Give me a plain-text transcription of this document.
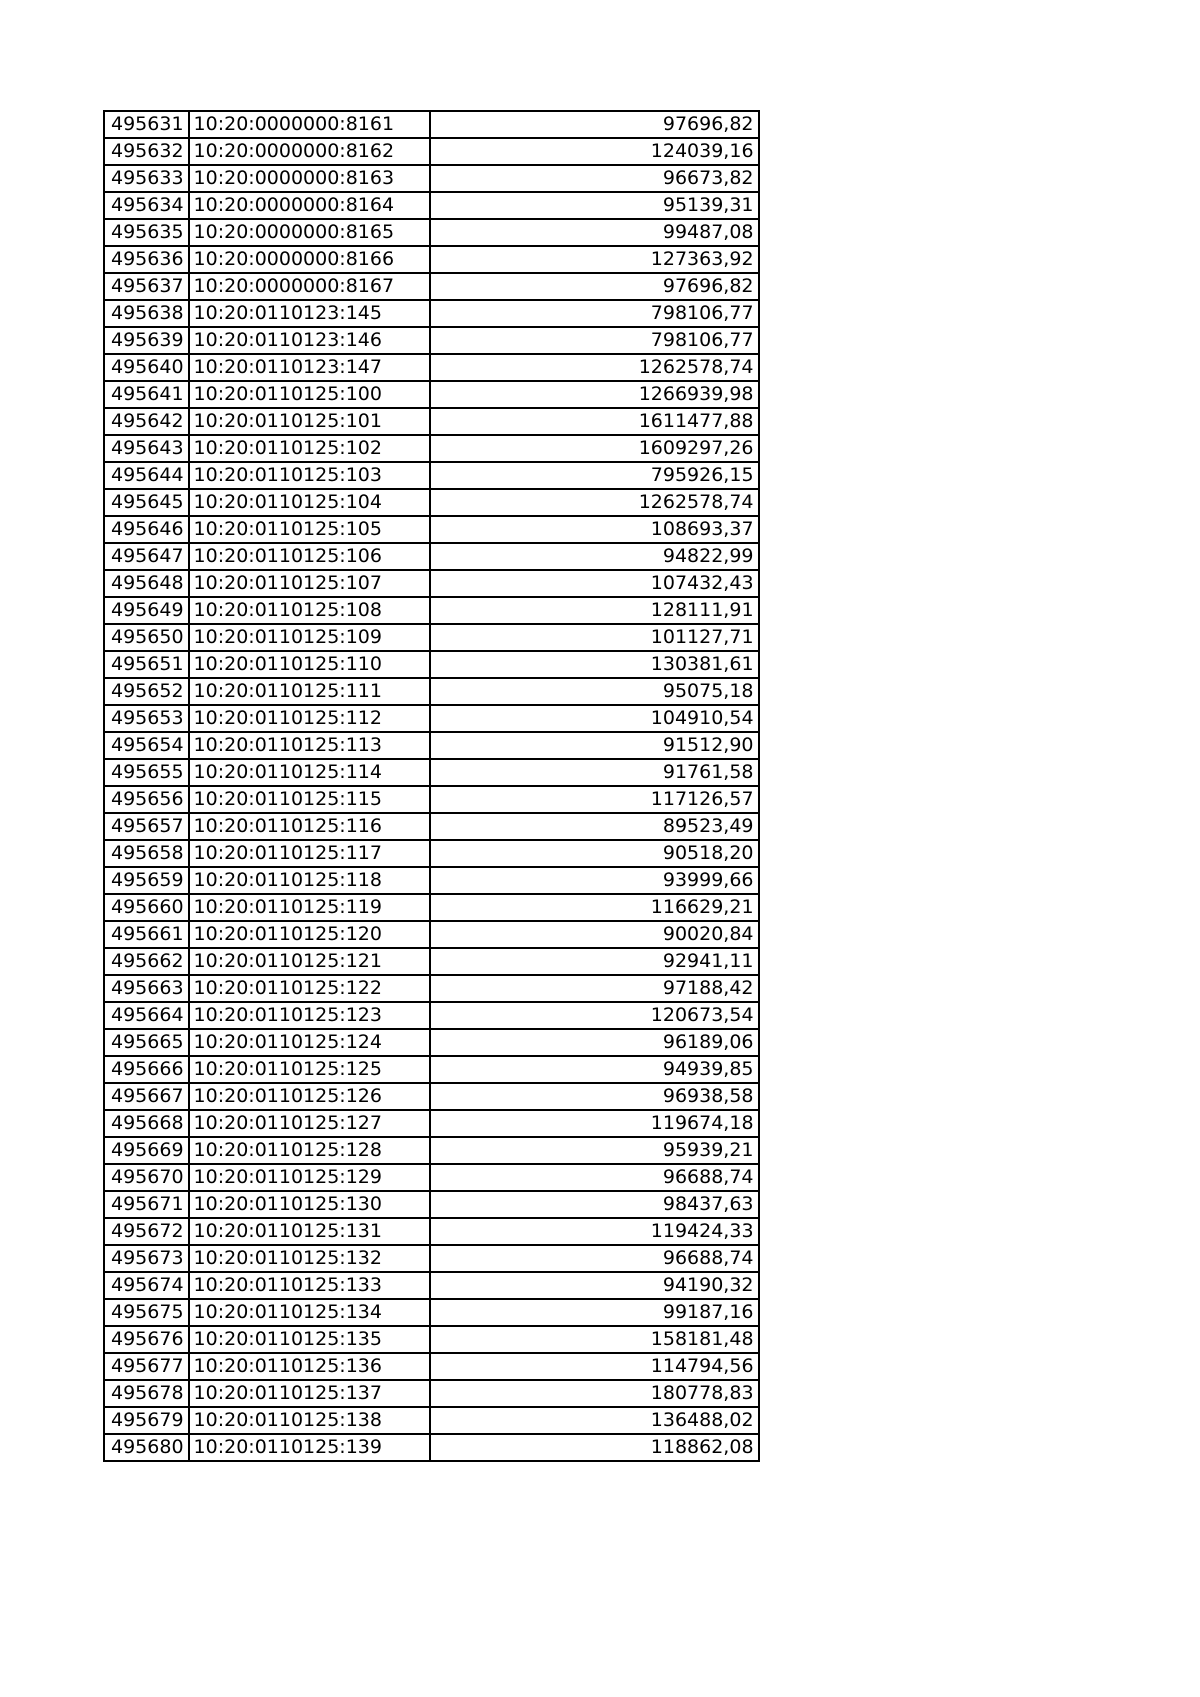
495631	10:20:0000000:8161	97696,82
495632	10:20:0000000:8162	124039,16
495633	10:20:0000000:8163	96673,82
495634	10:20:0000000:8164	95139,31
495635	10:20:0000000:8165	99487,08
495636	10:20:0000000:8166	127363,92
495637	10:20:0000000:8167	97696,82
495638	10:20:0110123:145	798106,77
495639	10:20:0110123:146	798106,77
495640	10:20:0110123:147	1262578,74
495641	10:20:0110125:100	1266939,98
495642	10:20:0110125:101	1611477,88
495643	10:20:0110125:102	1609297,26
495644	10:20:0110125:103	795926,15
495645	10:20:0110125:104	1262578,74
495646	10:20:0110125:105	108693,37
495647	10:20:0110125:106	94822,99
495648	10:20:0110125:107	107432,43
495649	10:20:0110125:108	128111,91
495650	10:20:0110125:109	101127,71
495651	10:20:0110125:110	130381,61
495652	10:20:0110125:111	95075,18
495653	10:20:0110125:112	104910,54
495654	10:20:0110125:113	91512,90
495655	10:20:0110125:114	91761,58
495656	10:20:0110125:115	117126,57
495657	10:20:0110125:116	89523,49
495658	10:20:0110125:117	90518,20
495659	10:20:0110125:118	93999,66
495660	10:20:0110125:119	116629,21
495661	10:20:0110125:120	90020,84
495662	10:20:0110125:121	92941,11
495663	10:20:0110125:122	97188,42
495664	10:20:0110125:123	120673,54
495665	10:20:0110125:124	96189,06
495666	10:20:0110125:125	94939,85
495667	10:20:0110125:126	96938,58
495668	10:20:0110125:127	119674,18
495669	10:20:0110125:128	95939,21
495670	10:20:0110125:129	96688,74
495671	10:20:0110125:130	98437,63
495672	10:20:0110125:131	119424,33
495673	10:20:0110125:132	96688,74
495674	10:20:0110125:133	94190,32
495675	10:20:0110125:134	99187,16
495676	10:20:0110125:135	158181,48
495677	10:20:0110125:136	114794,56
495678	10:20:0110125:137	180778,83
495679	10:20:0110125:138	136488,02
495680	10:20:0110125:139	118862,08
